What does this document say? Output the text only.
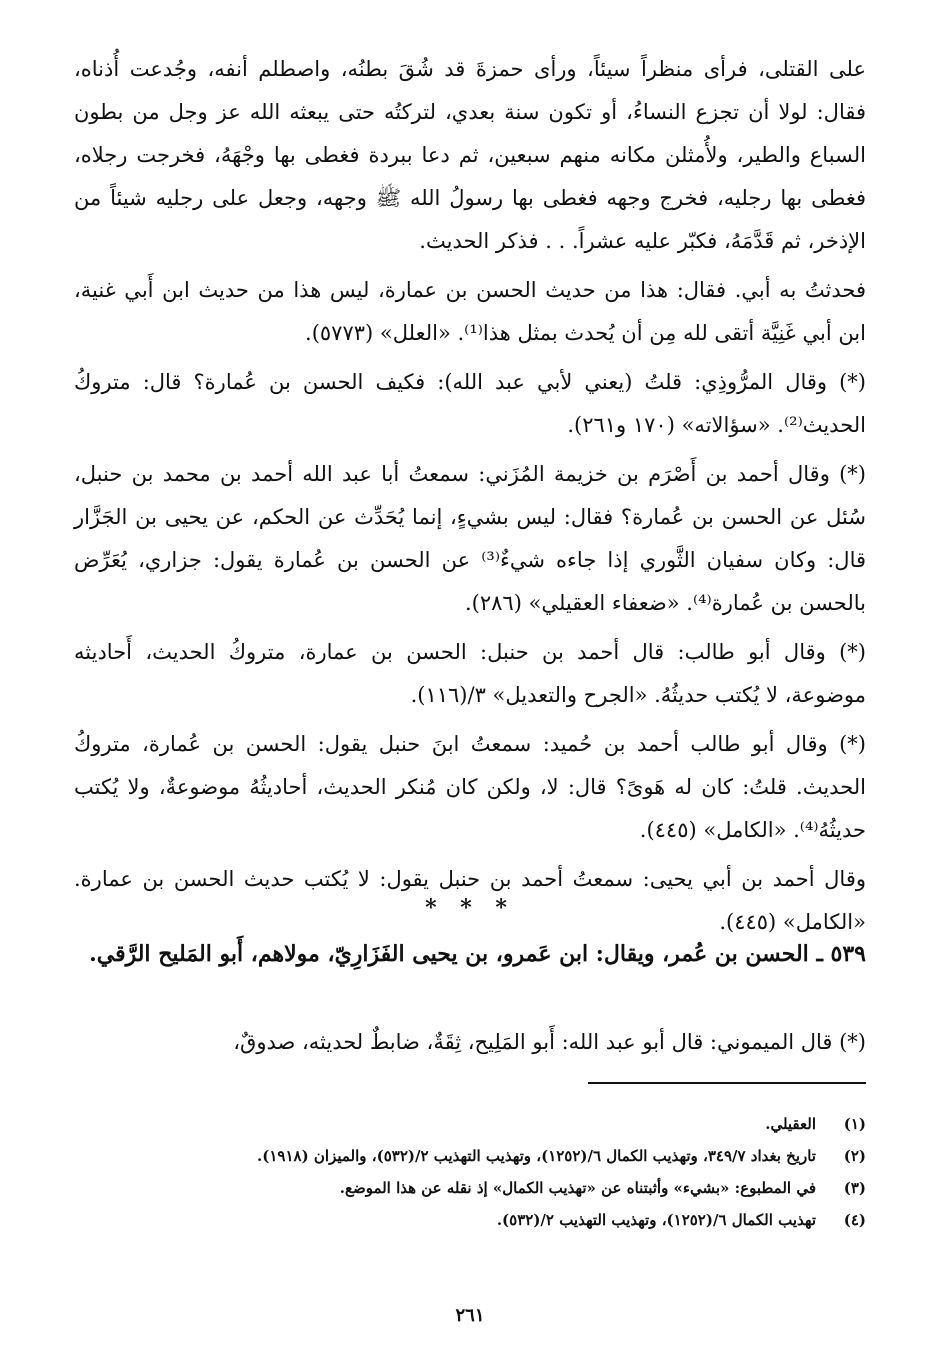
على القتلى، فرأى منظراً سيئاً، ورأى حمزةَ قد شُقَ بطنُه، واصطلم أنفه، وجُدعت أُذناه، فقال: لولا أن تجزع النساءُ، أو تكون سنة بعدي، لتركتُه حتى يبعثه الله عز وجل من بطون السباع والطير، ولأُمثلن مكانه منهم سبعين، ثم دعا ببردة فغطى بها وجْهَهُ، فخرجت رجلاه، فغطى بها رجليه، فخرج وجهه فغطى بها رسولُ الله ﷺ وجهه، وجعل على رجليه شيئاً من الإذخر، ثم قَدَّمَهُ، فكبّر عليه عشراً. . . فذكر الحديث.

فحدثتُ به أبي. فقال: هذا من حديث الحسن بن عمارة، ليس هذا من حديث ابن أَبي غنية، ابن أبي غَنِيَّة أتقى لله مِن أن يُحدث بمثل هذا⁽¹⁾. «العلل» (٥٧٧٣).

(*) وقال المرُّوذِي: قلتُ (يعني لأبي عبد الله): فكيف الحسن بن عُمارة؟ قال: متروكُ الحديث⁽²⁾. «سؤالاته» (١٧٠ و٢٦١).

(*) وقال أحمد بن أَصْرَم بن خزيمة المُزَني: سمعتُ أبا عبد الله أحمد بن محمد بن حنبل، سُئل عن الحسن بن عُمارة؟ فقال: ليس بشيءٍ، إنما يُحَدِّث عن الحكم، عن يحيى بن الجَزَّار قال: وكان سفيان الثَّوري إذا جاءه شيءٌ⁽³⁾ عن الحسن بن عُمارة يقول: جزاري، يُعَرِّض بالحسن بن عُمارة⁽⁴⁾. «ضعفاء العقيلي» (٢٨٦).

(*) وقال أبو طالب: قال أحمد بن حنبل: الحسن بن عمارة، متروكُ الحديث، أَحاديثه موضوعة، لا يُكتب حديثُهُ. «الجرح والتعديل» ٣/(١١٦).

(*) وقال أبو طالب أحمد بن حُميد: سمعتُ ابنَ حنبل يقول: الحسن بن عُمارة، متروكُ الحديث. قلتُ: كان له هَوىً؟ قال: لا، ولكن كان مُنكر الحديث، أحاديثُهُ موضوعةٌ، ولا يُكتب حديثُهُ⁽⁴⁾. «الكامل» (٤٤٥).

وقال أحمد بن أبي يحيى: سمعتُ أحمد بن حنبل يقول: لا يُكتب حديث الحسن بن عمارة. «الكامل» (٤٤٥).

* * *
٥٣٩ ـ الحسن بن عُمر، ويقال: ابن عَمرو، بن يحيى الفَزَارِيّ، مولاهم، أَبو المَليح الرَّقي.

(*) قال الميموني: قال أبو عبد الله: أَبو المَلِيح، ثِقَةٌ، ضابطٌ لحديثه، صدوقٌ،

(١)
العقيلي.
(٢)
تاريخ بغداد ٣٤٩/٧، وتهذيب الكمال ٦/(١٢٥٢)، وتهذيب التهذيب ٢/(٥٣٢)، والميزان (١٩١٨).
(٣)
في المطبوع: «بشيء» وأثبتناه عن «تهذيب الكمال» إذ نقله عن هذا الموضع.
(٤)
تهذيب الكمال ٦/(١٢٥٢)، وتهذيب التهذيب ٢/(٥٣٢).
٢٦١
